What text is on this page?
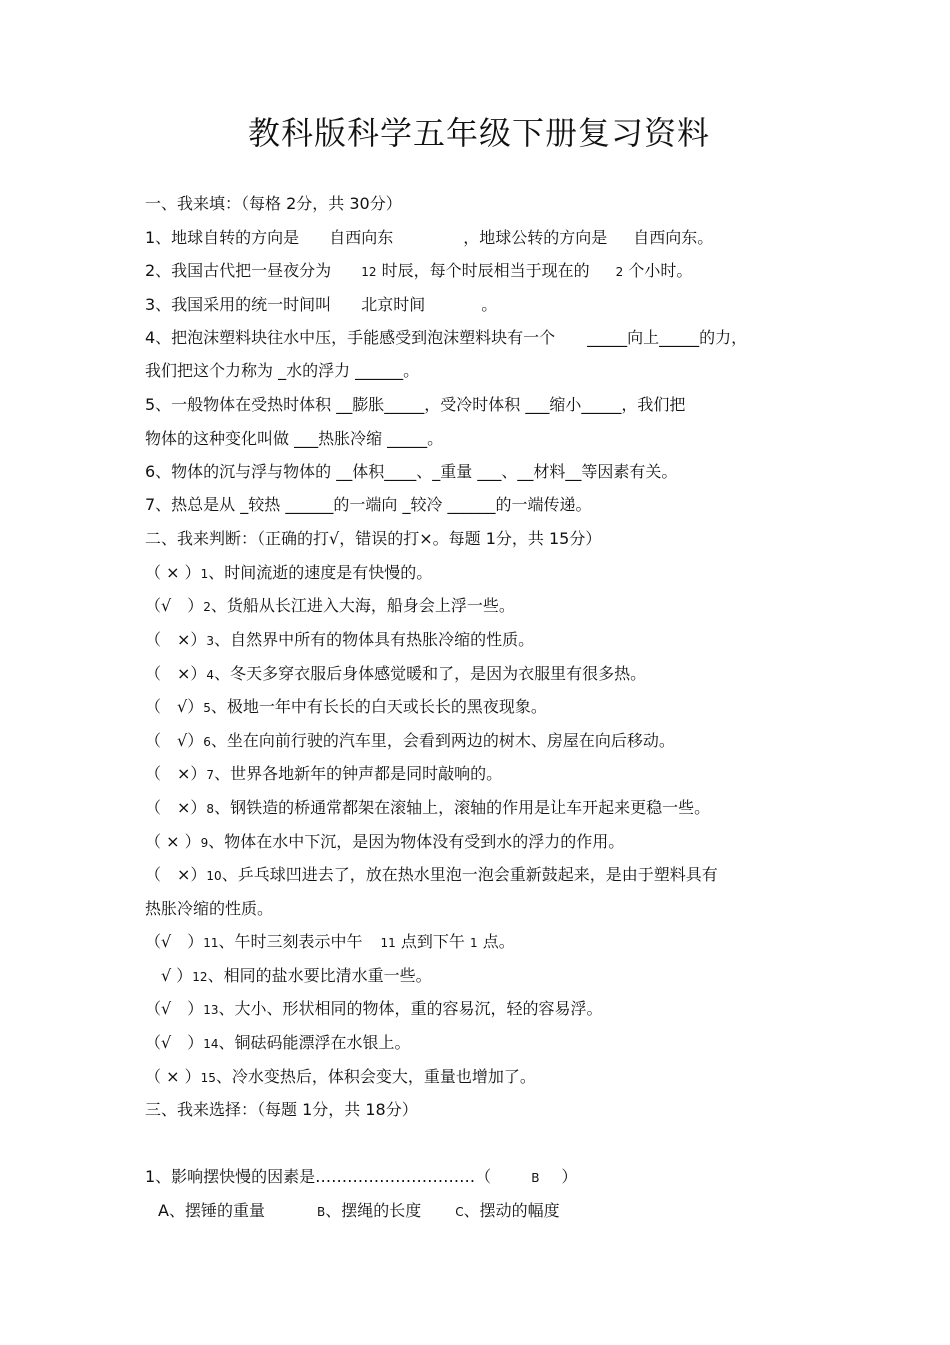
教科版科学五年级下册复习资料
一、我来填：（每格 2分，共 30分）
1、地球自转的方向是 自西向东	，地球公转的方向是 自西向东。
2、我国古代把一昼夜分为	12 时辰，每个时辰相当于现在的 2 个小时。
3、我国采用的统一时间叫 北京时间	。
4、把泡沫塑料块往水中压，手能感受到泡沫塑料块有一个　　_____向上_____的力，
我们把这个力称为 _水的浮力 ______。
5、一般物体在受热时体积 __膨胀_____，受冷时体积 ___缩小_____，我们把
物体的这种变化叫做 ___热胀冷缩 _____。
6、物体的沉与浮与物体的 __体积____、_重量 ___、__材料__等因素有关。
7、热总是从 _较热 ______的一端向 _较冷 ______的一端传递。
二、我来判断：（正确的打√，错误的打×。每题 1分，共 15分）
（ × ）1、时间流逝的速度是有快慢的。
（√　）2、货船从长江进入大海，船身会上浮一些。
（　×）3、自然界中所有的物体具有热胀冷缩的性质。
（　×）4、冬天多穿衣服后身体感觉暖和了，是因为衣服里有很多热。
（　√）5、极地一年中有长长的白天或长长的黑夜现象。
（　√）6、坐在向前行驶的汽车里，会看到两边的树木、房屋在向后移动。
（　×）7、世界各地新年的钟声都是同时敲响的。
（　×）8、钢铁造的桥通常都架在滚轴上，滚轴的作用是让车开起来更稳一些。
（ × ）9、物体在水中下沉，是因为物体没有受到水的浮力的作用。
（　×）10、乒乓球凹进去了，放在热水里泡一泡会重新鼓起来，是由于塑料具有
热胀冷缩的性质。
（√　）11、午时三刻表示中午 11 点到下午 1 点。
　√ ）12、相同的盐水要比清水重一些。
（√　）13、大小、形状相同的物体，重的容易沉，轻的容易浮。
（√　）14、铜砝码能漂浮在水银上。
（ × ）15、冷水变热后，体积会变大，重量也增加了。
三、我来选择：（每题 1分，共 18分）
1、影响摆快慢的因素是…………………………（	B ）
A、摆锤的重量	B、摆绳的长度	C、摆动的幅度
